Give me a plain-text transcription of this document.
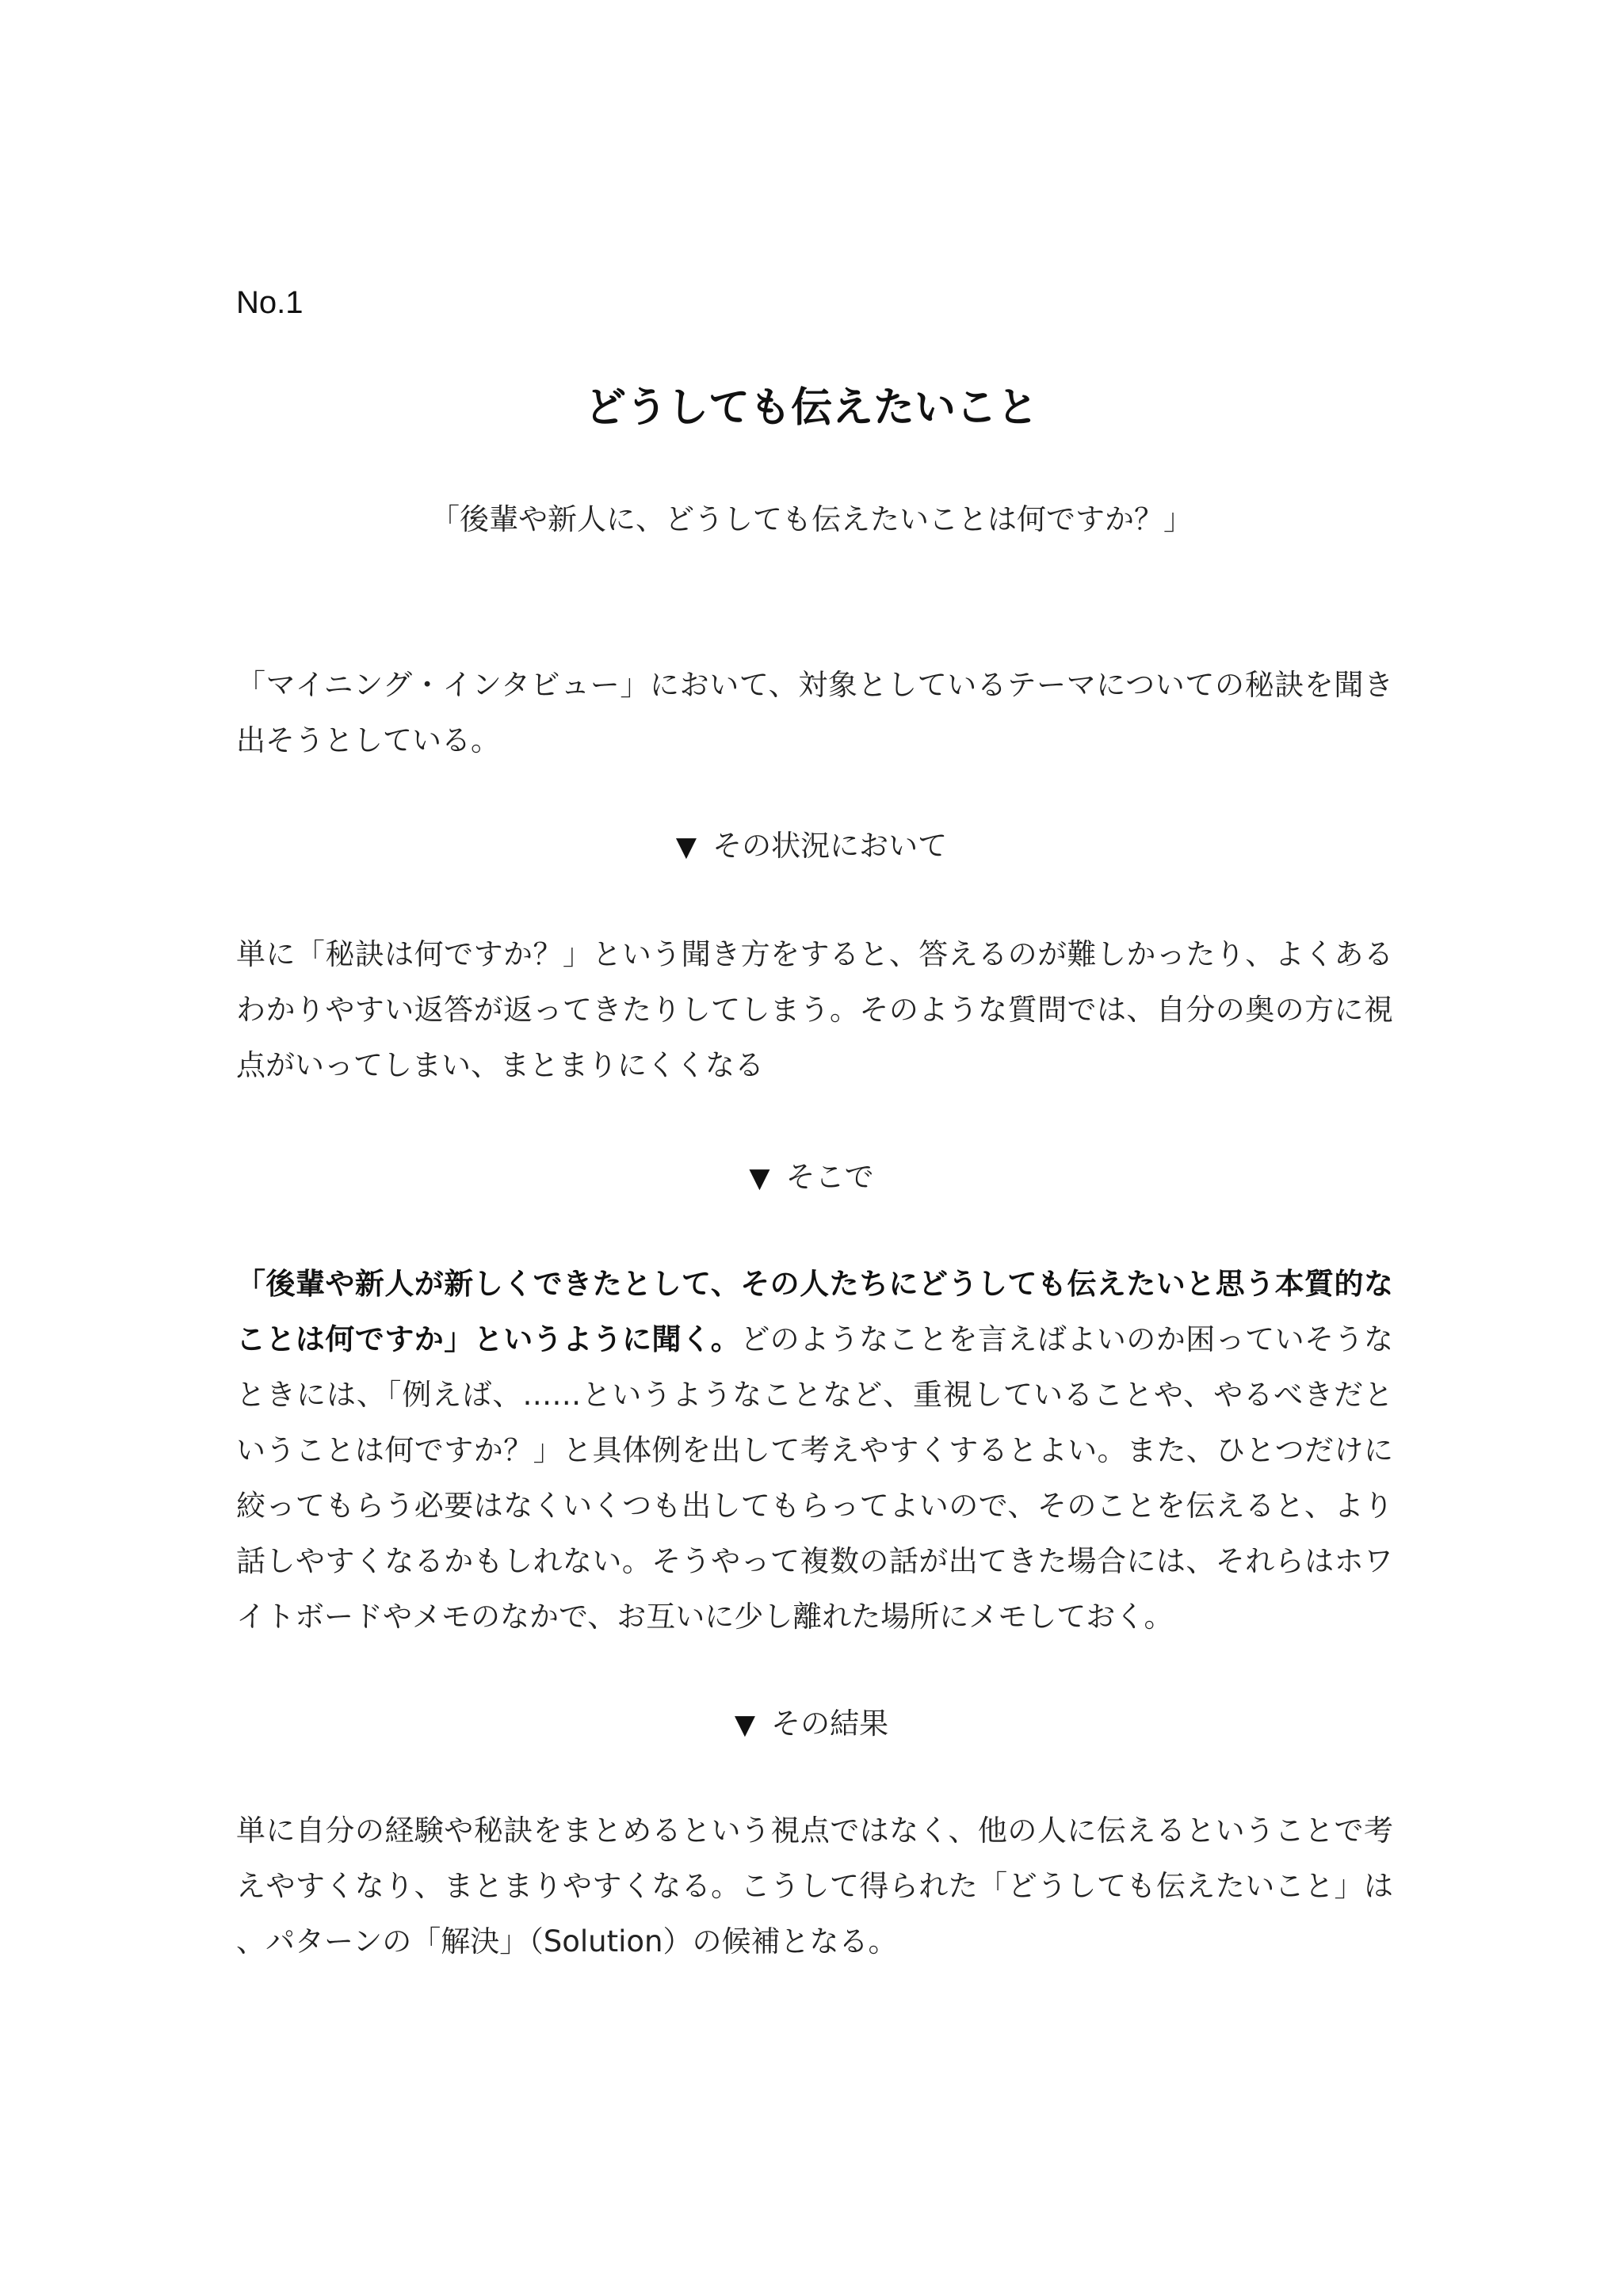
No.1
どうしても伝えたいこと
「後輩や新人に、どうしても伝えたいことは何ですか？」
「マイニング・インタビュー」において、対象としているテーマについての秘訣を聞き出そうとしている。
▼ その状況において
単に「秘訣は何ですか？」という聞き方をすると、答えるのが難しかったり、よくあるわかりやすい返答が返ってきたりしてしまう。そのような質問では、自分の奥の方に視点がいってしまい、まとまりにくくなる
▼ そこで
「後輩や新人が新しくできたとして、その人たちにどうしても伝えたいと思う本質的なことは何ですか」というように聞く。どのようなことを言えばよいのか困っていそうなときには、「例えば、……というようなことなど、重視していることや、やるべきだということは何ですか？」と具体例を出して考えやすくするとよい。また、ひとつだけに絞ってもらう必要はなくいくつも出してもらってよいので、そのことを伝えると、より話しやすくなるかもしれない。そうやって複数の話が出てきた場合には、それらはホワイトボードやメモのなかで、お互いに少し離れた場所にメモしておく。
▼ その結果
単に自分の経験や秘訣をまとめるという視点ではなく、他の人に伝えるということで考えやすくなり、まとまりやすくなる。こうして得られた「どうしても伝えたいこと」は、パターンの「解決」（Solution）の候補となる。
